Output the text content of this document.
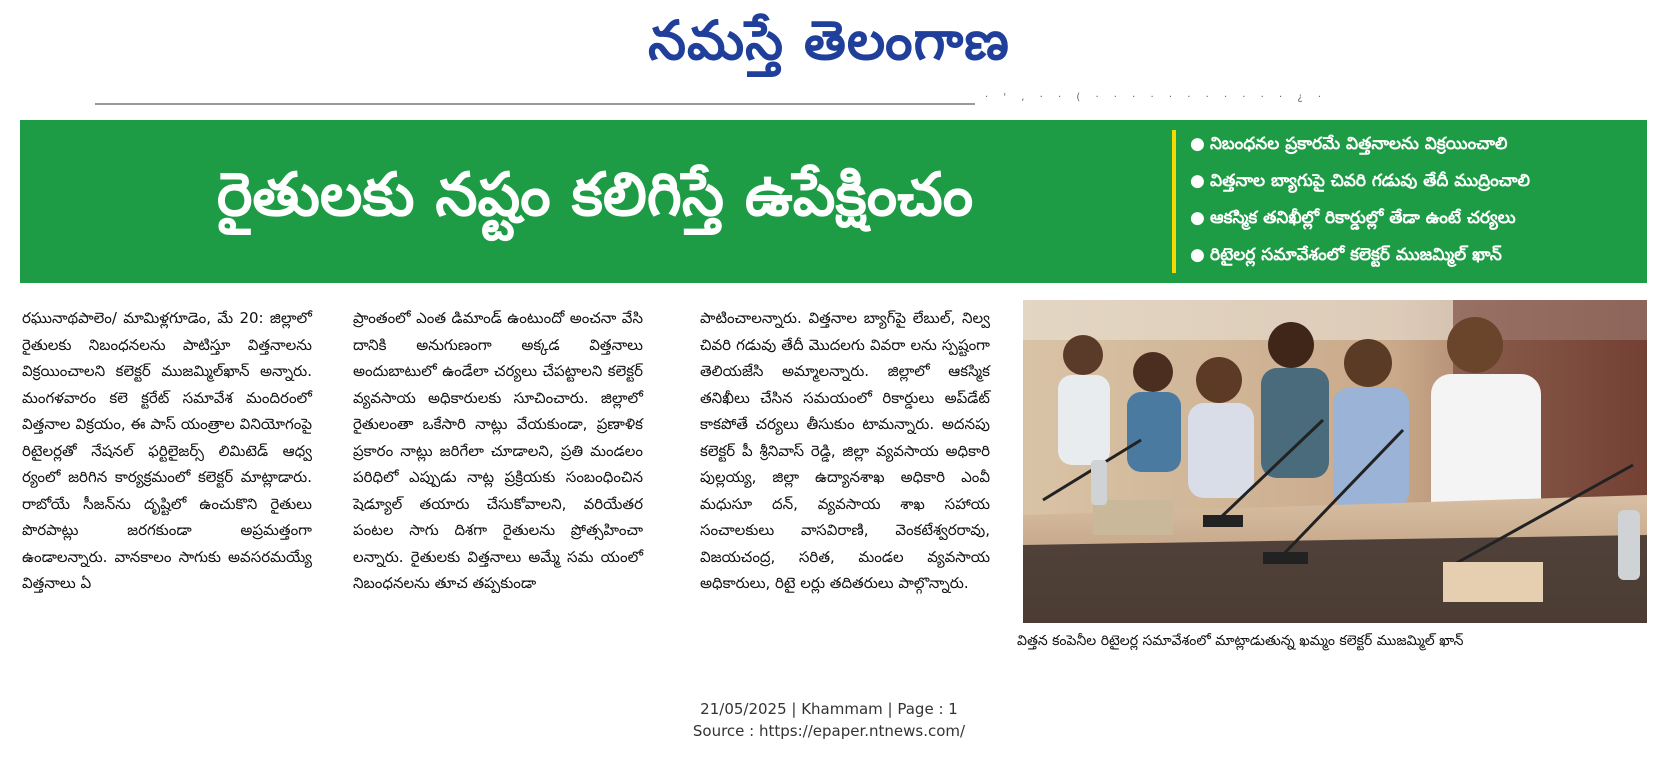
నమస్తే తెలంగాణ
· ' , · · ( · · · · · · · · · · · ¿ ·
రైతులకు నష్టం కలిగిస్తే ఉపేక్షించం
● నిబంధనల ప్రకారమే విత్తనాలను విక్రయించాలి
● విత్తనాల బ్యాగుపై చివరి గడువు తేదీ ముద్రించాలి
● ఆకస్మిక తనిఖీల్లో రికార్డుల్లో తేడా ఉంటే చర్యలు
● రిటైలర్ల సమావేశంలో కలెక్టర్ ముజమ్మిల్ ఖాన్

రఘునాథపాలెం/ మామిళ్లగూడెం, మే 20: జిల్లాలో రైతులకు నిబంధనలను పాటిస్తూ విత్తనాలను విక్రయించాలని కలెక్టర్ ముజమ్మిల్‌ఖాన్ అన్నారు. మంగళవారం కలె క్టరేట్ సమావేశ మందిరంలో విత్తనాల విక్రయం, ఈ పాస్ యంత్రాల వినియోగంపై రిటైలర్లతో నేషనల్ ఫర్టిలైజర్స్ లిమిటెడ్ ఆధ్వ ర్యంలో జరిగిన కార్యక్రమంలో కలెక్టర్ మాట్లాడారు. రాబోయే సీజన్‌ను దృష్టిలో ఉంచుకొని రైతులు పొరపాట్లు జరగకుండా అప్రమత్తంగా ఉండాలన్నారు. వానకాలం సాగుకు అవసరమయ్యే విత్తనాలు ఏ

ప్రాంతంలో ఎంత డిమాండ్ ఉంటుందో అంచనా వేసి దానికి అనుగుణంగా అక్కడ విత్తనాలు అందుబాటులో ఉండేలా చర్యలు చేపట్టాలని కలెక్టర్ వ్యవసాయ అధికారులకు సూచించారు. జిల్లాలో రైతులంతా ఒకేసారి నాట్లు వేయకుండా, ప్రణాళిక ప్రకారం నాట్లు జరిగేలా చూడాలని, ప్రతి మండలం పరిధిలో ఎప్పుడు నాట్ల ప్రక్రియకు సంబంధించిన షెడ్యూల్ తయారు చేసుకోవాలని, వరియేతర పంటల సాగు దిశగా రైతులను ప్రోత్సహించా లన్నారు. రైతులకు విత్తనాలు అమ్మే సమ యంలో నిబంధనలను తూచ తప్పకుండా

పాటించాలన్నారు. విత్తనాల బ్యాగ్‌పై లేబుల్, నిల్వ చివరి గడువు తేదీ మొదలగు వివరా లను స్పష్టంగా తెలియజేసి అమ్మాలన్నారు. జిల్లాలో ఆకస్మిక తనిఖీలు చేసిన సమయంలో రికార్డులు అప్‌డేట్ కాకపోతే చర్యలు తీసుకుం టామన్నారు. అదనపు కలెక్టర్ పీ శ్రీనివాస్ రెడ్డి, జిల్లా వ్యవసాయ అధికారి పుల్లయ్య, జిల్లా ఉద్యానశాఖ అధికారి ఎంవీ మధుసూ దన్, వ్యవసాయ శాఖ సహాయ సంచాలకులు వాసవిరాణి, వెంకటేశ్వరరావు, విజయచంద్ర, సరిత, మండల వ్యవసాయ అధికారులు, రిటై లర్లు తదితరులు పాల్గొన్నారు.

విత్తన కంపెనీల రిటైలర్ల సమావేశంలో మాట్లాడుతున్న ఖమ్మం కలెక్టర్ ముజమ్మిల్ ఖాన్
21/05/2025 | Khammam | Page : 1
Source : https://epaper.ntnews.com/
